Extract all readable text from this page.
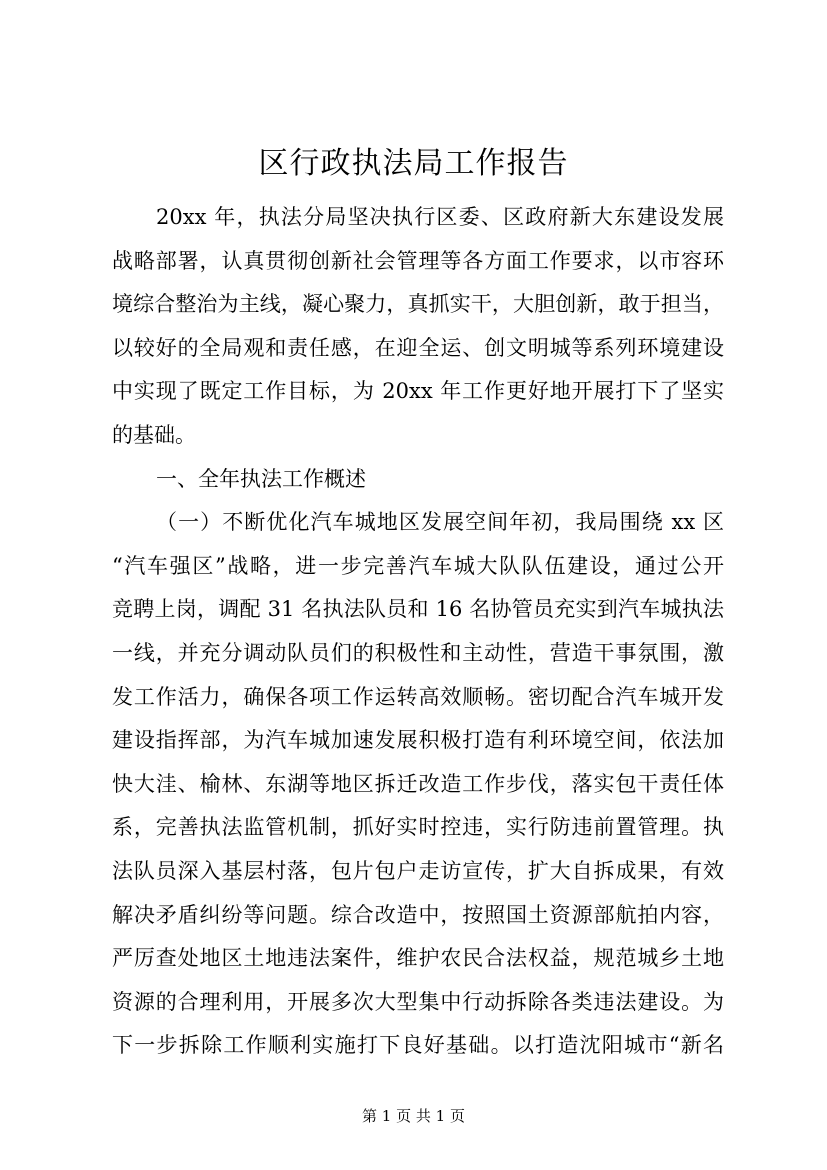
区行政执法局工作报告
20xx 年，执法分局坚决执行区委、区政府新大东建设发展
战略部署，认真贯彻创新社会管理等各方面工作要求，以市容环
境综合整治为主线，凝心聚力，真抓实干，大胆创新，敢于担当，
以较好的全局观和责任感，在迎全运、创文明城等系列环境建设
中实现了既定工作目标，为 20xx 年工作更好地开展打下了坚实
的基础。
一、全年执法工作概述
（一）不断优化汽车城地区发展空间年初，我局围绕 xx 区
“汽车强区”战略，进一步完善汽车城大队队伍建设，通过公开
竞聘上岗，调配 31 名执法队员和 16 名协管员充实到汽车城执法
一线，并充分调动队员们的积极性和主动性，营造干事氛围，激
发工作活力，确保各项工作运转高效顺畅。密切配合汽车城开发
建设指挥部，为汽车城加速发展积极打造有利环境空间，依法加
快大洼、榆林、东湖等地区拆迁改造工作步伐，落实包干责任体
系，完善执法监管机制，抓好实时控违，实行防违前置管理。执
法队员深入基层村落，包片包户走访宣传，扩大自拆成果，有效
解决矛盾纠纷等问题。综合改造中，按照国土资源部航拍内容，
严厉查处地区土地违法案件，维护农民合法权益，规范城乡土地
资源的合理利用，开展多次大型集中行动拆除各类违法建设。为
下一步拆除工作顺利实施打下良好基础。以打造沈阳城市“新名
第 1 页 共 1 页
